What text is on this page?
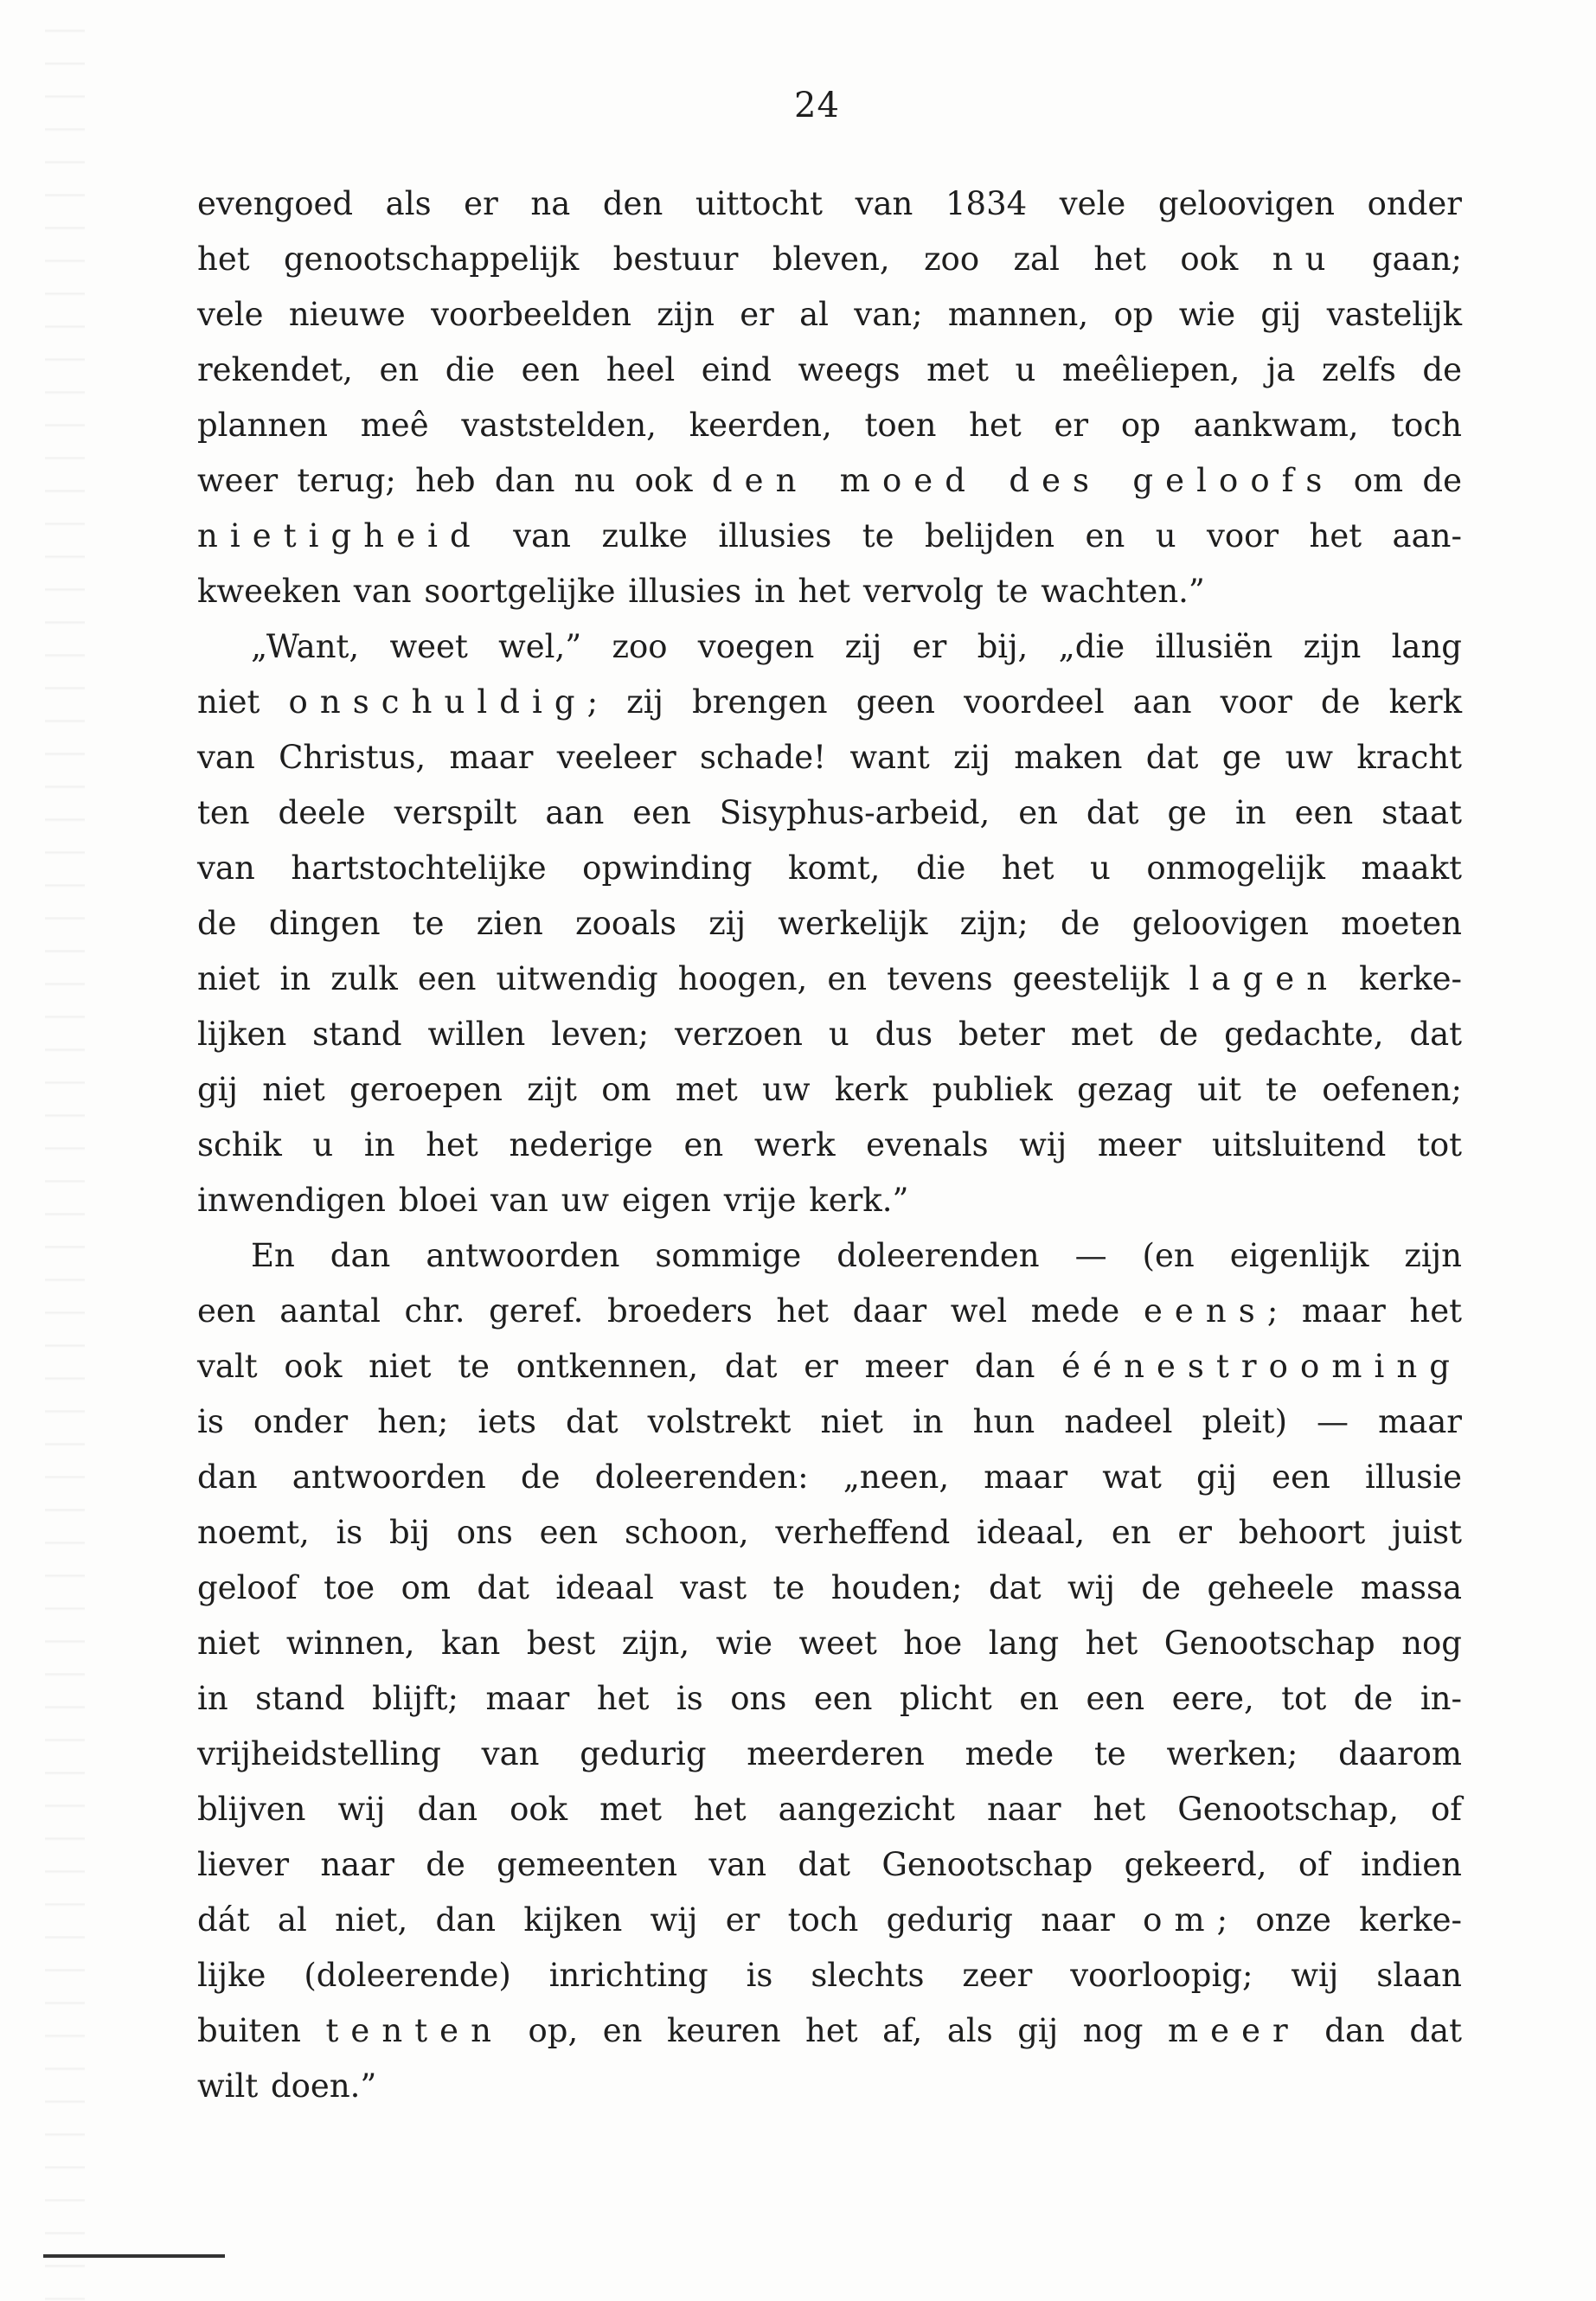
24
evengoed als er na den uittocht van 1834 vele geloovigen onder
het genootschappelijk bestuur bleven, zoo zal het ook nu gaan;
vele nieuwe voorbeelden zijn er al van; mannen, op wie gij vastelijk
rekendet, en die een heel eind weegs met u meêliepen, ja zelfs de
plannen meê vaststelden, keerden, toen het er op aankwam, toch
weer terug; heb dan nu ook den moed des geloofs om de
nietigheid van zulke illusies te belijden en u voor het aan-
kweeken van soortgelijke illusies in het vervolg te wachten.”
„Want, weet wel,” zoo voegen zij er bij, „die illusiën zijn lang
niet onschuldig; zij brengen geen voordeel aan voor de kerk
van Christus, maar veeleer schade! want zij maken dat ge uw kracht
ten deele verspilt aan een Sisyphus-arbeid, en dat ge in een staat
van hartstochtelijke opwinding komt, die het u onmogelijk maakt
de dingen te zien zooals zij werkelijk zijn; de geloovigen moeten
niet in zulk een uitwendig hoogen, en tevens geestelijk lagen kerke-
lijken stand willen leven; verzoen u dus beter met de gedachte, dat
gij niet geroepen zijt om met uw kerk publiek gezag uit te oefenen;
schik u in het nederige en werk evenals wij meer uitsluitend tot
inwendigen bloei van uw eigen vrije kerk.”
En dan antwoorden sommige doleerenden — (en eigenlijk zijn
een aantal chr. geref. broeders het daar wel mede eens; maar het
valt ook niet te ontkennen, dat er meer dan éénestrooming
is onder hen; iets dat volstrekt niet in hun nadeel pleit) — maar
dan antwoorden de doleerenden: „neen, maar wat gij een illusie
noemt, is bij ons een schoon, verheffend ideaal, en er behoort juist
geloof toe om dat ideaal vast te houden; dat wij de geheele massa
niet winnen, kan best zijn, wie weet hoe lang het Genootschap nog
in stand blijft; maar het is ons een plicht en een eere, tot de in-
vrijheidstelling van gedurig meerderen mede te werken; daarom
blijven wij dan ook met het aangezicht naar het Genootschap, of
liever naar de gemeenten van dat Genootschap gekeerd, of indien
dát al niet, dan kijken wij er toch gedurig naar om; onze kerke-
lijke (doleerende) inrichting is slechts zeer voorloopig; wij slaan
buiten tenten op, en keuren het af, als gij nog meer dan dat
wilt doen.”
